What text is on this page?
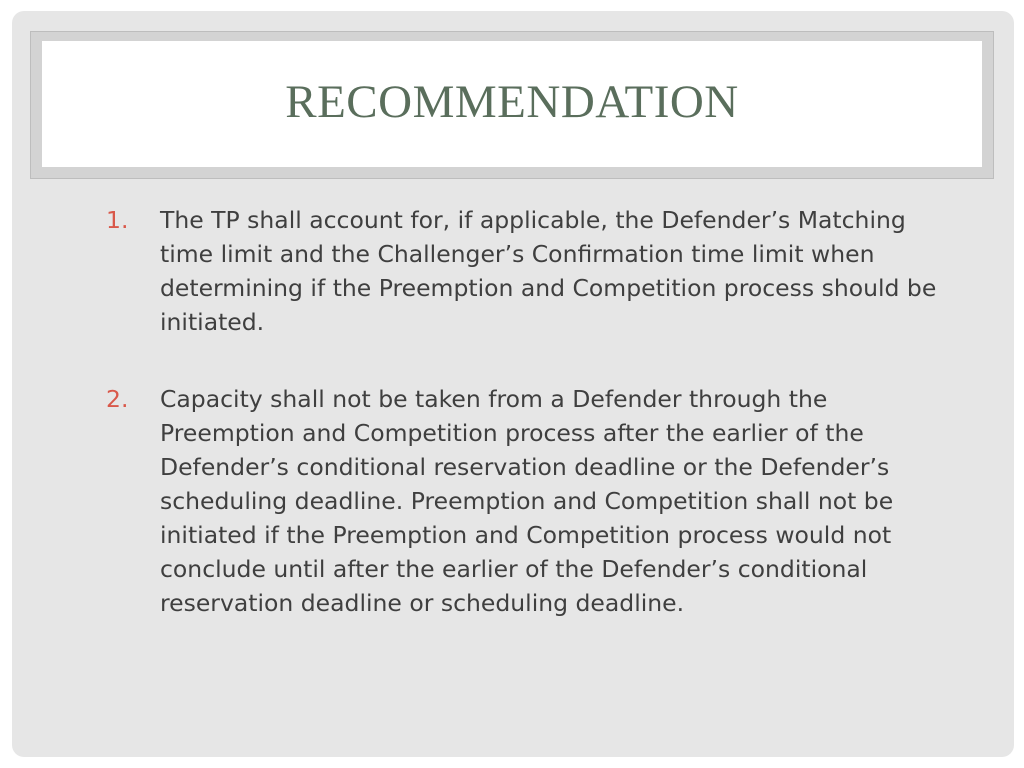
RECOMMENDATION
1.	The TP shall account for, if applicable, the Defender’s Matching time limit and the Challenger’s Confirmation time limit when determining if the Preemption and Competition process should be initiated.
2.	Capacity shall not be taken from a Defender through the Preemption and Competition process after the earlier of the Defender’s conditional reservation deadline or the Defender’s scheduling deadline. Preemption and Competition shall not be initiated if the Preemption and Competition process would not conclude until after the earlier of the Defender’s conditional reservation deadline or scheduling deadline.
